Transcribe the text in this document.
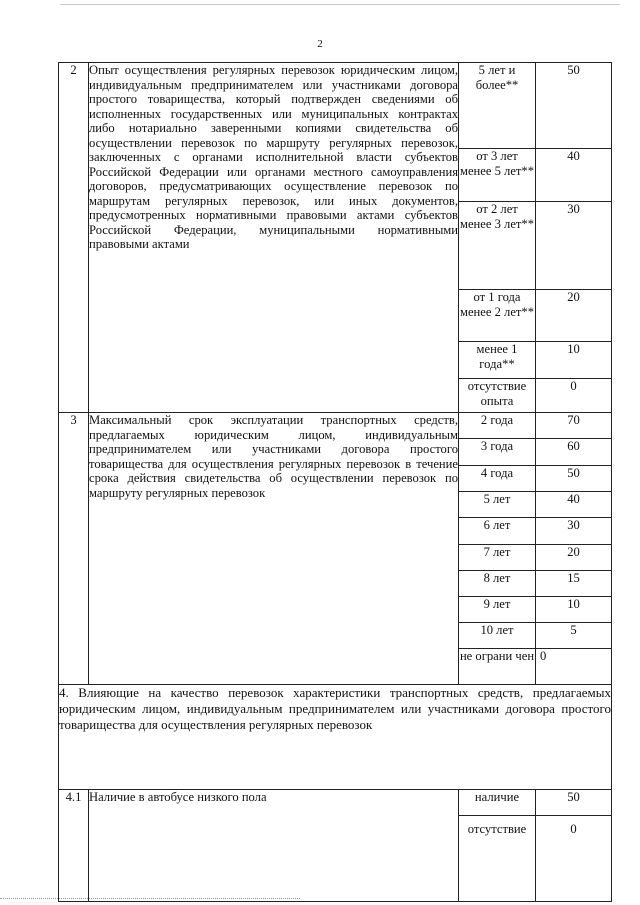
2
2	Опыт осуществления регулярных перевозок юридическим лицом, индивидуальным предпринимателем или участниками договора простого товарищества, который подтвержден сведениями об исполненных государственных или муниципальных контрактах либо нотариально заверенными копиями свидетельства об осуществлении перевозок по маршруту регулярных перевозок, заключенных с органами исполнительной власти субъектов Российской Федерации или органами местного самоуправления договоров, предусматривающих осуществление перевозок по маршрутам регулярных перевозок, или иных документов, предусмотренных нормативными правовыми актами субъектов Российской Федерации, муниципальными нормативными правовыми актами	5 лет и более**	50
		от 3 лет менее 5 лет**	40
		от 2 лет менее 3 лет**	30
		от 1 года менее 2 лет**	20
		менее 1 года**	10
		отсутствие опыта	0
3	Максимальный срок эксплуатации транспортных средств, предлагаемых юридическим лицом, индивидуальным предпринимателем или участниками договора простого товарищества для осуществления регулярных перевозок в течение срока действия свидетельства об осуществлении перевозок по маршруту регулярных перевозок	2 года	70
		3 года	60
		4 года	50
		5 лет	40
		6 лет	30
		7 лет	20
		8 лет	15
		9 лет	10
		10 лет	5
		не ограни чен	0
4. Влияющие на качество перевозок характеристики транспортных средств, предлагаемых юридическим лицом, индивидуальным предпринимателем или участниками договора простого товарищества для осуществления регулярных перевозок			
4.1	Наличие в автобусе низкого пола	наличие	50
		отсутствие	0
